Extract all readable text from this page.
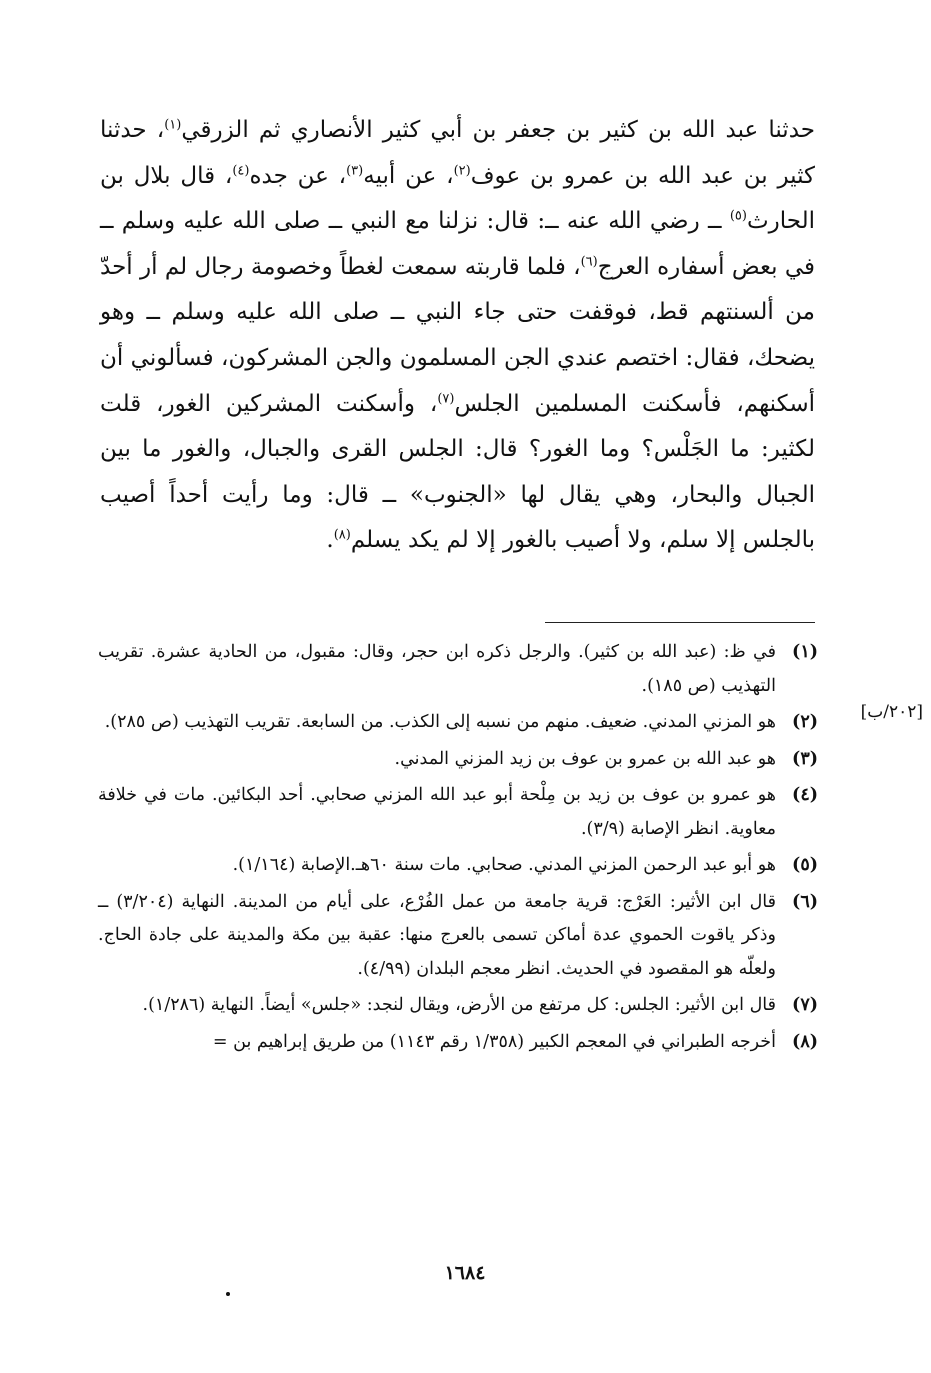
حدثنا عبد الله بن كثير بن جعفر بن أبي كثير الأنصاري ثم الزرقي$^{(١)}$، حدثنا كثير بن عبد الله بن عمرو بن عوف$^{(٢)}$، عن أبيه$^{(٣)}$، عن جده$^{(٤)}$، قال بلال بن الحارث$^{(٥)}$ ــ رضي الله عنه ــ: قال: نزلنا مع النبي ــ صلى الله عليه وسلم ــ في بعض أسفاره العرج$^{(٦)}$، فلما قاربته سمعت لغطاً وخصومة رجال لم أر أحدّ من ألسنتهم قط، فوقفت حتى جاء النبي ــ صلى الله عليه وسلم ــ وهو يضحك، فقال: اختصم عندي الجن المسلمون والجن المشركون، فسألوني أن أسكنهم، فأسكنت المسلمين الجلس$^{(٧)}$، وأسكنت المشركين الغور، قلت لكثير: ما الجَلْس؟ وما الغور؟ قال: الجلس القرى والجبال، والغور ما بين الجبال والبحار، وهي يقال لها «الجنوب» ــ قال: وما رأيت أحداً أصيب بالجلس إلا سلم، ولا أصيب بالغور إلا لم يكد يسلم$^{(٨)}$.

(١)
في ظ: (عبد الله بن كثير). والرجل ذكره ابن حجر، وقال: مقبول، من الحادية عشرة. تقريب التهذيب (ص ١٨٥).
(٢)
هو المزني المدني. ضعيف. منهم من نسبه إلى الكذب. من السابعة. تقريب التهذيب (ص ٢٨٥).
(٣)
هو عبد الله بن عمرو بن عوف بن زيد المزني المدني.
(٤)
هو عمرو بن عوف بن زيد بن مِلْحة أبو عبد الله المزني صحابي. أحد البكائين. مات في خلافة معاوية. انظر الإصابة (٣/٩).
(٥)
هو أبو عبد الرحمن المزني المدني. صحابي. مات سنة ٦٠هـ.الإصابة (١/١٦٤).
(٦)
قال ابن الأثير: العَرْج: قرية جامعة من عمل الفُرْع، على أيام من المدينة. النهاية (٣/٢٠٤) ــ وذكر ياقوت الحموي عدة أماكن تسمى بالعرج منها: عقبة بين مكة والمدينة على جادة الحاج. ولعلّه هو المقصود في الحديث. انظر معجم البلدان (٤/٩٩).
(٧)
قال ابن الأثير: الجلس: كل مرتفع من الأرض، ويقال لنجد: «جلس» أيضاً. النهاية (١/٢٨٦).
(٨)
أخرجه الطبراني في المعجم الكبير (١/٣٥٨ رقم ١١٤٣) من طريق إبراهيم بن =
[٢٠٢/ب]
١٦٨٤
